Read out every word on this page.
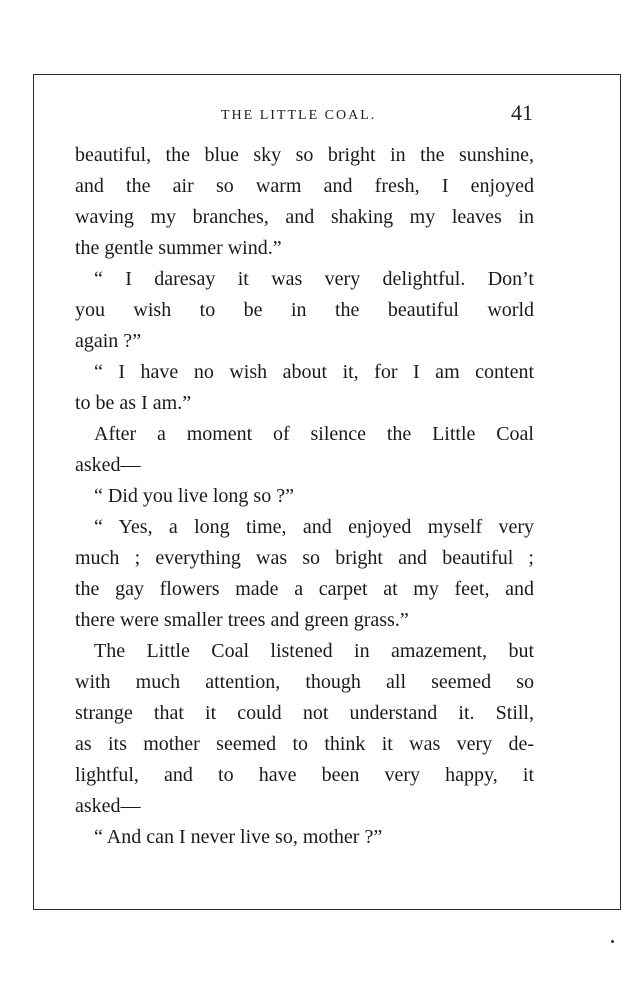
THE LITTLE COAL.	41
beautiful, the blue sky so bright in the sunshine,
and the air so warm and fresh, I enjoyed
waving my branches, and shaking my leaves in
the gentle summer wind.”
“ I daresay it was very delightful. Don’t
you wish to be in the beautiful world
again ?”
“ I have no wish about it, for I am content
to be as I am.”
After a moment of silence the Little Coal
asked—
“ Did you live long so ?”
“ Yes, a long time, and enjoyed myself very
much ; everything was so bright and beautiful ;
the gay flowers made a carpet at my feet, and
there were smaller trees and green grass.”
The Little Coal listened in amazement, but
with much attention, though all seemed so
strange that it could not understand it. Still,
as its mother seemed to think it was very de-
lightful, and to have been very happy, it
asked—
“ And can I never live so, mother ?”
